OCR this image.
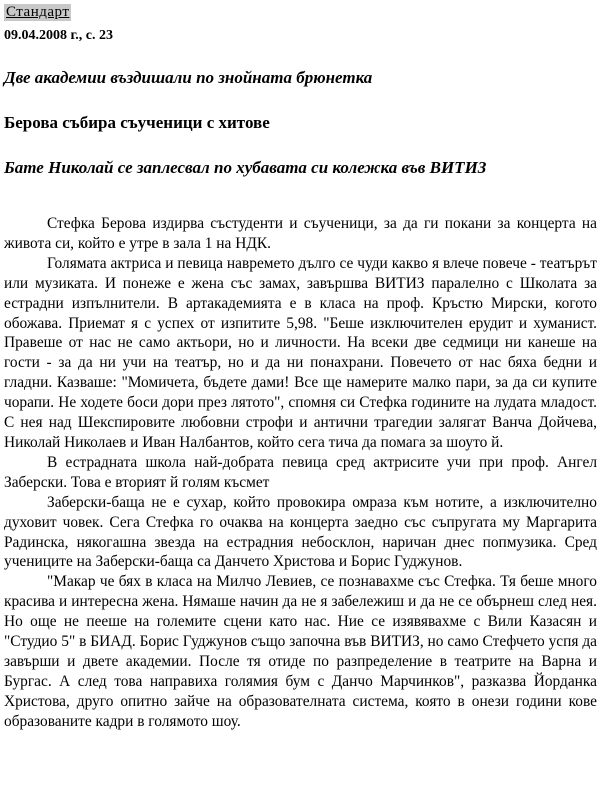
Стандарт
09.04.2008 г., с. 23
Две академии въздишали по знойната брюнетка
Берова събира съученици с хитове
Бате Николай се заплесвал по хубавата си колежка във ВИТИЗ

Стефка Берова издирва състуденти и съученици, за да ги покани за концерта на живота си, който е утре в зала 1 на НДК.

Голямата актриса и певица навремето дълго се чуди какво я влече повече - театърът или музиката. И понеже е жена със замах, завършва ВИТИЗ паралелно с Школата за естрадни изпълнители. В артакадемията е в класа на проф. Кръстю Мирски, когото обожава. Приемат я с успех от изпитите 5,98. "Беше изключителен ерудит и хуманист. Правеше от нас не само актьори, но и личности. На всеки две седмици ни канеше на гости - за да ни учи на театър, но и да ни понахрани. Повечето от нас бяха бедни и гладни. Казваше: "Момичета, бъдете дами! Все ще намерите малко пари, за да си купите чорапи. Не ходете боси дори през лятото", спомня си Стефка годините на лудата младост. С нея над Шекспировите любовни строфи и антични трагедии залягат Ванча Дойчева, Николай Николаев и Иван Налбантов, който сега тича да помага за шоуто й.

В естрадната школа най-добрата певица сред актрисите учи при проф. Ангел Заберски. Това е вторият й голям късмет

Заберски-баща не е сухар, който провокира омраза към нотите, а изключително духовит човек. Сега Стефка го очаква на концерта заедно със съпругата му Маргарита Радинска, някогашна звезда на естрадния небосклон, наричан днес попмузика. Сред учениците на Заберски-баща са Данчето Христова и Борис Гуджунов.

"Макар че бях в класа на Милчо Левиев, се познавахме със Стефка. Тя беше много красива и интересна жена. Нямаше начин да не я забележиш и да не се обърнеш след нея. Но още не пееше на големите сцени като нас. Ние се изявявахме с Вили Казасян и "Студио 5" в БИАД. Борис Гуджунов също започна във ВИТИЗ, но само Стефчето успя да завърши и двете академии. После тя отиде по разпределение в театрите на Варна и Бургас. А след това направиха голямия бум с Данчо Марчинков", разказва Йорданка Христова, друго опитно зайче на образователната система, която в онези години кове образованите кадри в голямото шоу.
